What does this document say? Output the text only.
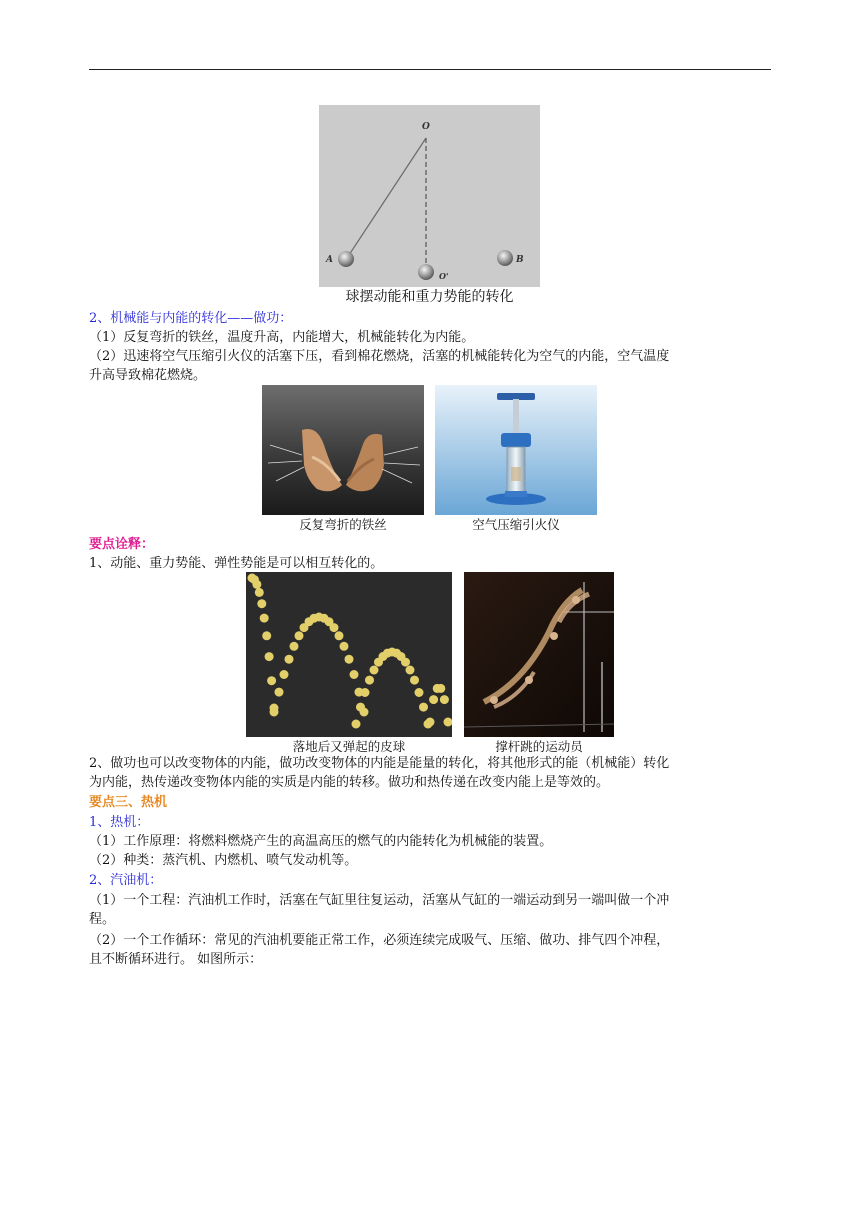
O
A
O'
B
球摆动能和重力势能的转化
2、机械能与内能的转化——做功：
（1）反复弯折的铁丝，温度升高，内能增大，机械能转化为内能。
（2）迅速将空气压缩引火仪的活塞下压，看到棉花燃烧，活塞的机械能转化为空气的内能，空气温度
升高导致棉花燃烧。
反复弯折的铁丝	空气压缩引火仪
要点诠释：
1、动能、重力势能、弹性势能是可以相互转化的。
落地后又弹起的皮球	撑杆跳的运动员
2、做功也可以改变物体的内能，做功改变物体的内能是能量的转化，将其他形式的能（机械能）转化
为内能，热传递改变物体内能的实质是内能的转移。做功和热传递在改变内能上是等效的。
要点三、热机
1、热机：
（1）工作原理：将燃料燃烧产生的高温高压的燃气的内能转化为机械能的装置。
（2）种类：蒸汽机、内燃机、喷气发动机等。
2、汽油机：
（1）一个工程：汽油机工作时，活塞在气缸里往复运动，活塞从气缸的一端运动到另一端叫做一个冲
程。
（2）一个工作循环：常见的汽油机要能正常工作，必须连续完成吸气、压缩、做功、排气四个冲程，
且不断循环进行。 如图所示：
